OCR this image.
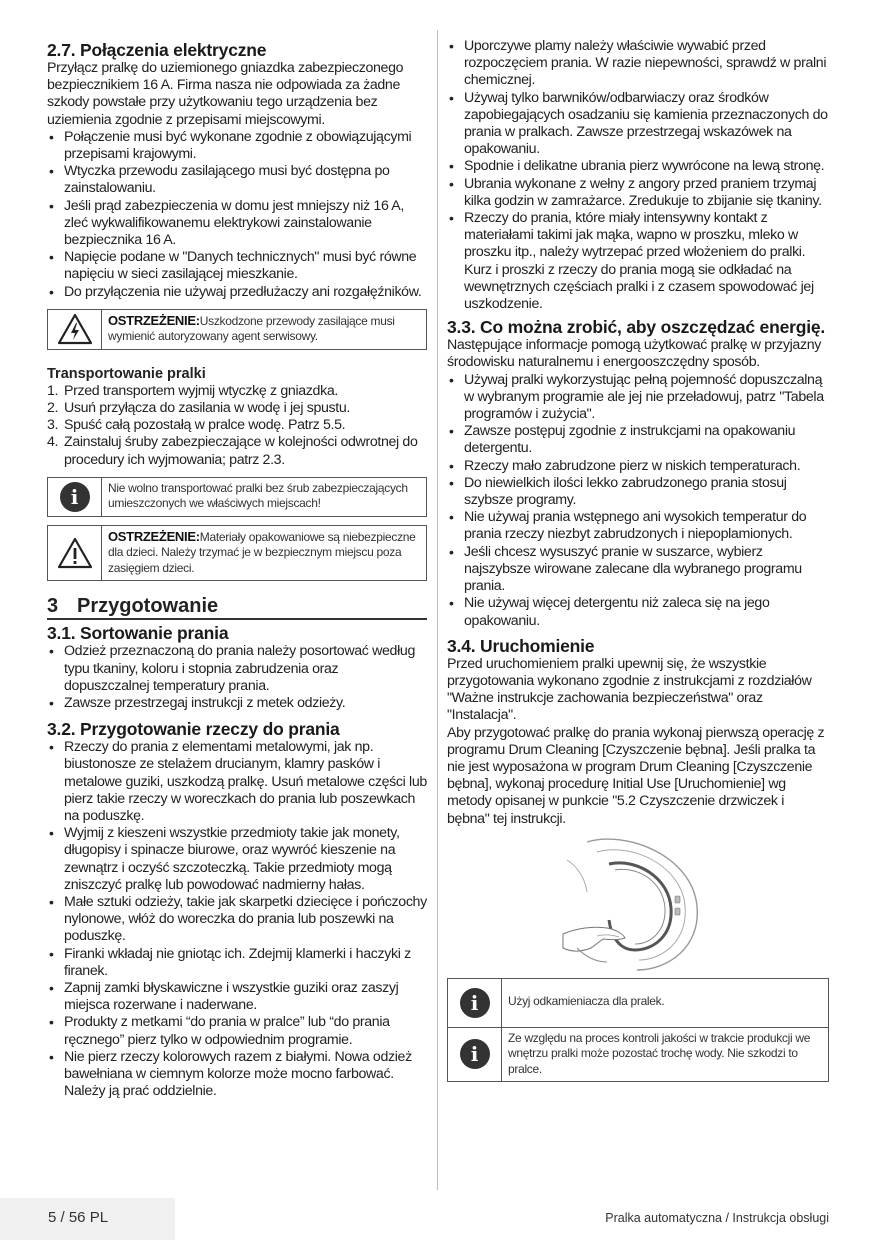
2.7. Połączenia elektryczne

Przyłącz pralkę do uziemionego gniazdka zabezpieczonego bezpiecznikiem 16 A. Firma nasza nie odpowiada za żadne szkody powstałe przy użytkowaniu tego urządzenia bez uziemienia zgodnie z przepisami miejscowymi.

• Połączenie musi być wykonane zgodnie z obowiązującymi przepisami krajowymi.
• Wtyczka przewodu zasilającego musi być dostępna po zainstalowaniu.
• Jeśli prąd zabezpieczenia w domu jest mniejszy niż 16 A, zleć wykwalifikowanemu elektrykowi zainstalowanie bezpiecznika 16 A.
• Napięcie podane w "Danych technicznych" musi być równe napięciu w sieci zasilającej mieszkanie.
• Do przyłączenia nie używaj przedłużaczy ani rozgałęźników.
OSTRZEŻENIE:Uszkodzone przewody zasilające musi wymienić autoryzowany agent serwisowy.
Transportowanie pralki
1. Przed transportem wyjmij wtyczkę z gniazdka.
2. Usuń przyłącza do zasilania w wodę i jej spustu.
3. Spuść całą pozostałą w pralce wodę. Patrz 5.5.
4. Zainstaluj śruby zabezpieczające w kolejności odwrotnej do procedury ich wyjmowania; patrz 2.3.
i	Nie wolno transportować pralki bez śrub zabezpieczających umieszczonych we właściwych miejscach!
OSTRZEŻENIE:Materiały opakowaniowe są niebezpieczne dla dzieci. Należy trzymać je w bezpiecznym miejscu poza zasięgiem dzieci.
3 Przygotowanie
3.1. Sortowanie prania
• Odzież przeznaczoną do prania należy posortować według typu tkaniny, koloru i stopnia zabrudzenia oraz dopuszczalnej temperatury prania.
• Zawsze przestrzegaj instrukcji z metek odzieży.
3.2. Przygotowanie rzeczy do prania
• Rzeczy do prania z elementami metalowymi, jak np. biustonosze ze stelażem drucianym, klamry pasków i metalowe guziki, uszkodzą pralkę. Usuń metalowe części lub pierz takie rzeczy w woreczkach do prania lub poszewkach na poduszkę.
• Wyjmij z kieszeni wszystkie przedmioty takie jak monety, długopisy i spinacze biurowe, oraz wywróć kieszenie na zewnątrz i oczyść szczoteczką. Takie przedmioty mogą zniszczyć pralkę lub powodować nadmierny hałas.
• Małe sztuki odzieży, takie jak skarpetki dziecięce i pończochy nylonowe, włóż do woreczka do prania lub poszewki na poduszkę.
• Firanki wkładaj nie gniotąc ich. Zdejmij klamerki i haczyki z firanek.
• Zapnij zamki błyskawiczne i wszystkie guziki oraz zaszyj miejsca rozerwane i naderwane.
• Produkty z metkami “do prania w pralce” lub “do prania ręcznego” pierz tylko w odpowiednim programie.
• Nie pierz rzeczy kolorowych razem z białymi. Nowa odzież bawełniana w ciemnym kolorze może mocno farbować. Należy ją prać oddzielnie.
• Uporczywe plamy należy właściwie wywabić przed rozpoczęciem prania. W razie niepewności, sprawdź w pralni chemicznej.
• Używaj tylko barwników/odbarwiaczy oraz środków zapobiegających osadzaniu się kamienia przeznaczonych do prania w pralkach. Zawsze przestrzegaj wskazówek na opakowaniu.
• Spodnie i delikatne ubrania pierz wywrócone na lewą stronę.
• Ubrania wykonane z wełny z angory przed praniem trzymaj kilka godzin w zamrażarce. Zredukuje to zbijanie się tkaniny.
• Rzeczy do prania, które miały intensywny kontakt z materiałami takimi jak mąka, wapno w proszku, mleko w proszku itp., należy wytrzepać przed włożeniem do pralki. Kurz i proszki z rzeczy do prania mogą sie odkładać na wewnętrznych częściach pralki i z czasem spowodować jej uszkodzenie.
3.3. Co można zrobić, aby oszczędzać energię.

Następujące informacje pomogą użytkować pralkę w przyjazny środowisku naturalnemu i energooszczędny sposób.

• Używaj pralki wykorzystując pełną pojemność dopuszczalną w wybranym programie ale jej nie przeładowuj, patrz "Tabela programów i zużycia".
• Zawsze postępuj zgodnie z instrukcjami na opakowaniu detergentu.
• Rzeczy mało zabrudzone pierz w niskich temperaturach.
• Do niewielkich ilości lekko zabrudzonego prania stosuj szybsze programy.
• Nie używaj prania wstępnego ani wysokich temperatur do prania rzeczy niezbyt zabrudzonych i niepoplamionych.
• Jeśli chcesz wysuszyć pranie w suszarce, wybierz najszybsze wirowane zalecane dla wybranego programu prania.
• Nie używaj więcej detergentu niż zaleca się na jego opakowaniu.
3.4. Uruchomienie

Przed uruchomieniem pralki upewnij się, że wszystkie przygotowania wykonano zgodnie z instrukcjami z rozdziałów "Ważne instrukcje zachowania bezpieczeństwa" oraz "Instalacja".

Aby przygotować pralkę do prania wykonaj pierwszą operację z programu Drum Cleaning [Czyszczenie bębna]. Jeśli pralka ta nie jest wyposażona w program Drum Cleaning [Czyszczenie bębna], wykonaj procedurę Initial Use [Uruchomienie] wg metody opisanej w punkcie "5.2 Czyszczenie drzwiczek i bębna" tej instrukcji.

i	Użyj odkamieniacza dla pralek.
i
Ze względu na proces kontroli jakości w trakcie produkcji we wnętrzu pralki może pozostać trochę wody. Nie szkodzi to pralce.
5 / 56 PL	Pralka automatyczna / Instrukcja obsługi
